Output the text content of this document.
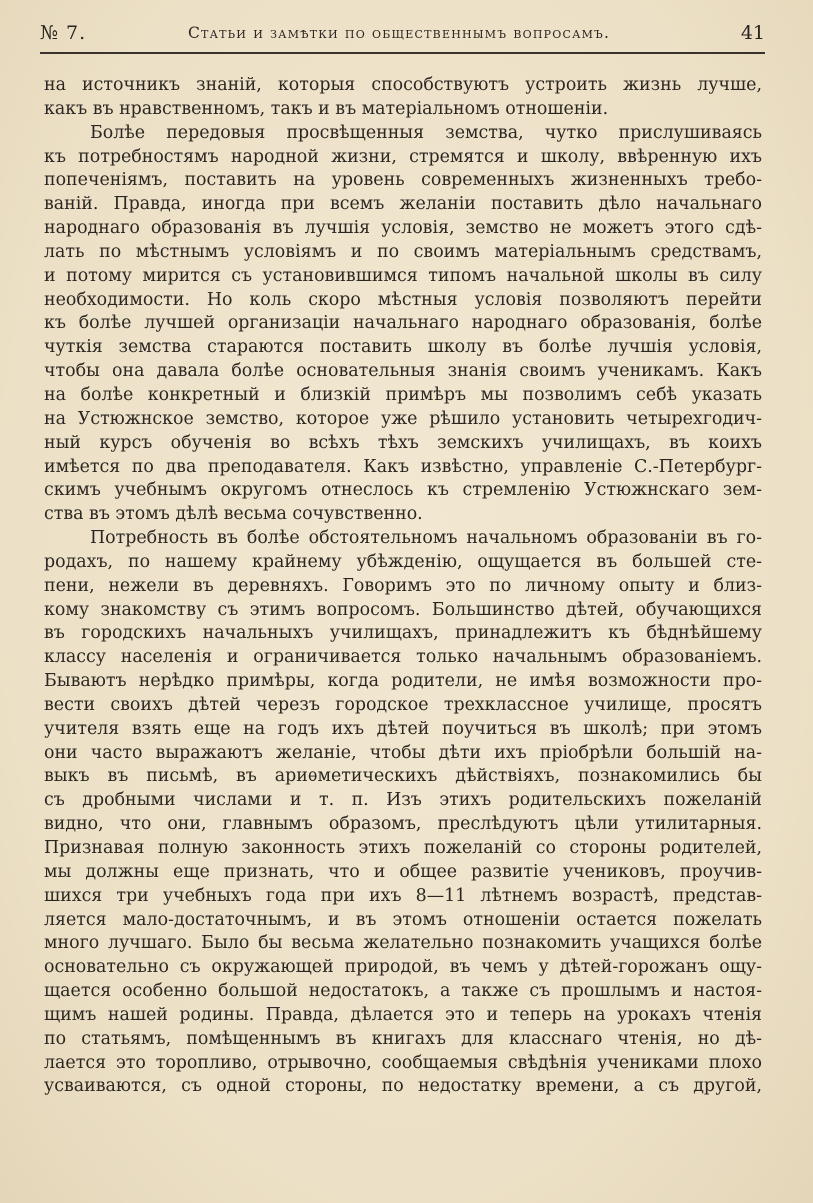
№ 7.	Статьи и замѣтки по общественнымъ вопросамъ.	41
на источникъ знаній, которыя способствуютъ устроить жизнь лучше,
какъ въ нравственномъ, такъ и въ матеріальномъ отношеніи.
Болѣе передовыя просвѣщенныя земства, чутко прислушиваясь
къ потребностямъ народной жизни, стремятся и школу, ввѣренную ихъ
попеченіямъ, поставить на уровень современныхъ жизненныхъ требо-
ваній. Правда, иногда при всемъ желаніи поставить дѣло начальнаго
народнаго образованія въ лучшія условія, земство не можетъ этого сдѣ-
лать по мѣстнымъ условіямъ и по своимъ матеріальнымъ средствамъ,
и потому мирится съ установившимся типомъ начальной школы въ силу
необходимости. Но коль скоро мѣстныя условія позволяютъ перейти
къ болѣе лучшей организаціи начальнаго народнаго образованія, болѣе
чуткія земства стараются поставить школу въ болѣе лучшія условія,
чтобы она давала болѣе основательныя знанія своимъ ученикамъ. Какъ
на болѣе конкретный и близкій примѣръ мы позволимъ себѣ указать
на Устюжнское земство, которое уже рѣшило установить четырехгодич-
ный курсъ обученія во всѣхъ тѣхъ земскихъ училищахъ, въ коихъ
имѣется по два преподавателя. Какъ извѣстно, управленіе С.-Петербург-
скимъ учебнымъ округомъ отнеслось къ стремленію Устюжнскаго зем-
ства въ этомъ дѣлѣ весьма сочувственно.
Потребность въ болѣе обстоятельномъ начальномъ образованіи въ го-
родахъ, по нашему крайнему убѣжденію, ощущается въ большей сте-
пени, нежели въ деревняхъ. Говоримъ это по личному опыту и близ-
кому знакомству съ этимъ вопросомъ. Большинство дѣтей, обучающихся
въ городскихъ начальныхъ училищахъ, принадлежитъ къ бѣднѣйшему
классу населенія и ограничивается только начальнымъ образованіемъ.
Бываютъ нерѣдко примѣры, когда родители, не имѣя возможности про-
вести своихъ дѣтей черезъ городское трехклассное училище, просятъ
учителя взять еще на годъ ихъ дѣтей поучиться въ школѣ; при этомъ
они часто выражаютъ желаніе, чтобы дѣти ихъ пріобрѣли большій на-
выкъ въ письмѣ, въ ариѳметическихъ дѣйствіяхъ, познакомились бы
съ дробными числами и т. п. Изъ этихъ родительскихъ пожеланій
видно, что они, главнымъ образомъ, преслѣдуютъ цѣли утилитарныя.
Признавая полную законность этихъ пожеланій со стороны родителей,
мы должны еще признать, что и общее развитіе учениковъ, проучив-
шихся три учебныхъ года при ихъ 8—11 лѣтнемъ возрастѣ, представ-
ляется мало-достаточнымъ, и въ этомъ отношеніи остается пожелать
много лучшаго. Было бы весьма желательно познакомить учащихся болѣе
основательно съ окружающей природой, въ чемъ у дѣтей-горожанъ ощу-
щается особенно большой недостатокъ, а также съ прошлымъ и настоя-
щимъ нашей родины. Правда, дѣлается это и теперь на урокахъ чтенія
по статьямъ, помѣщеннымъ въ книгахъ для класснаго чтенія, но дѣ-
лается это торопливо, отрывочно, сообщаемыя свѣдѣнія учениками плохо
усваиваются, съ одной стороны, по недостатку времени, а съ другой,
